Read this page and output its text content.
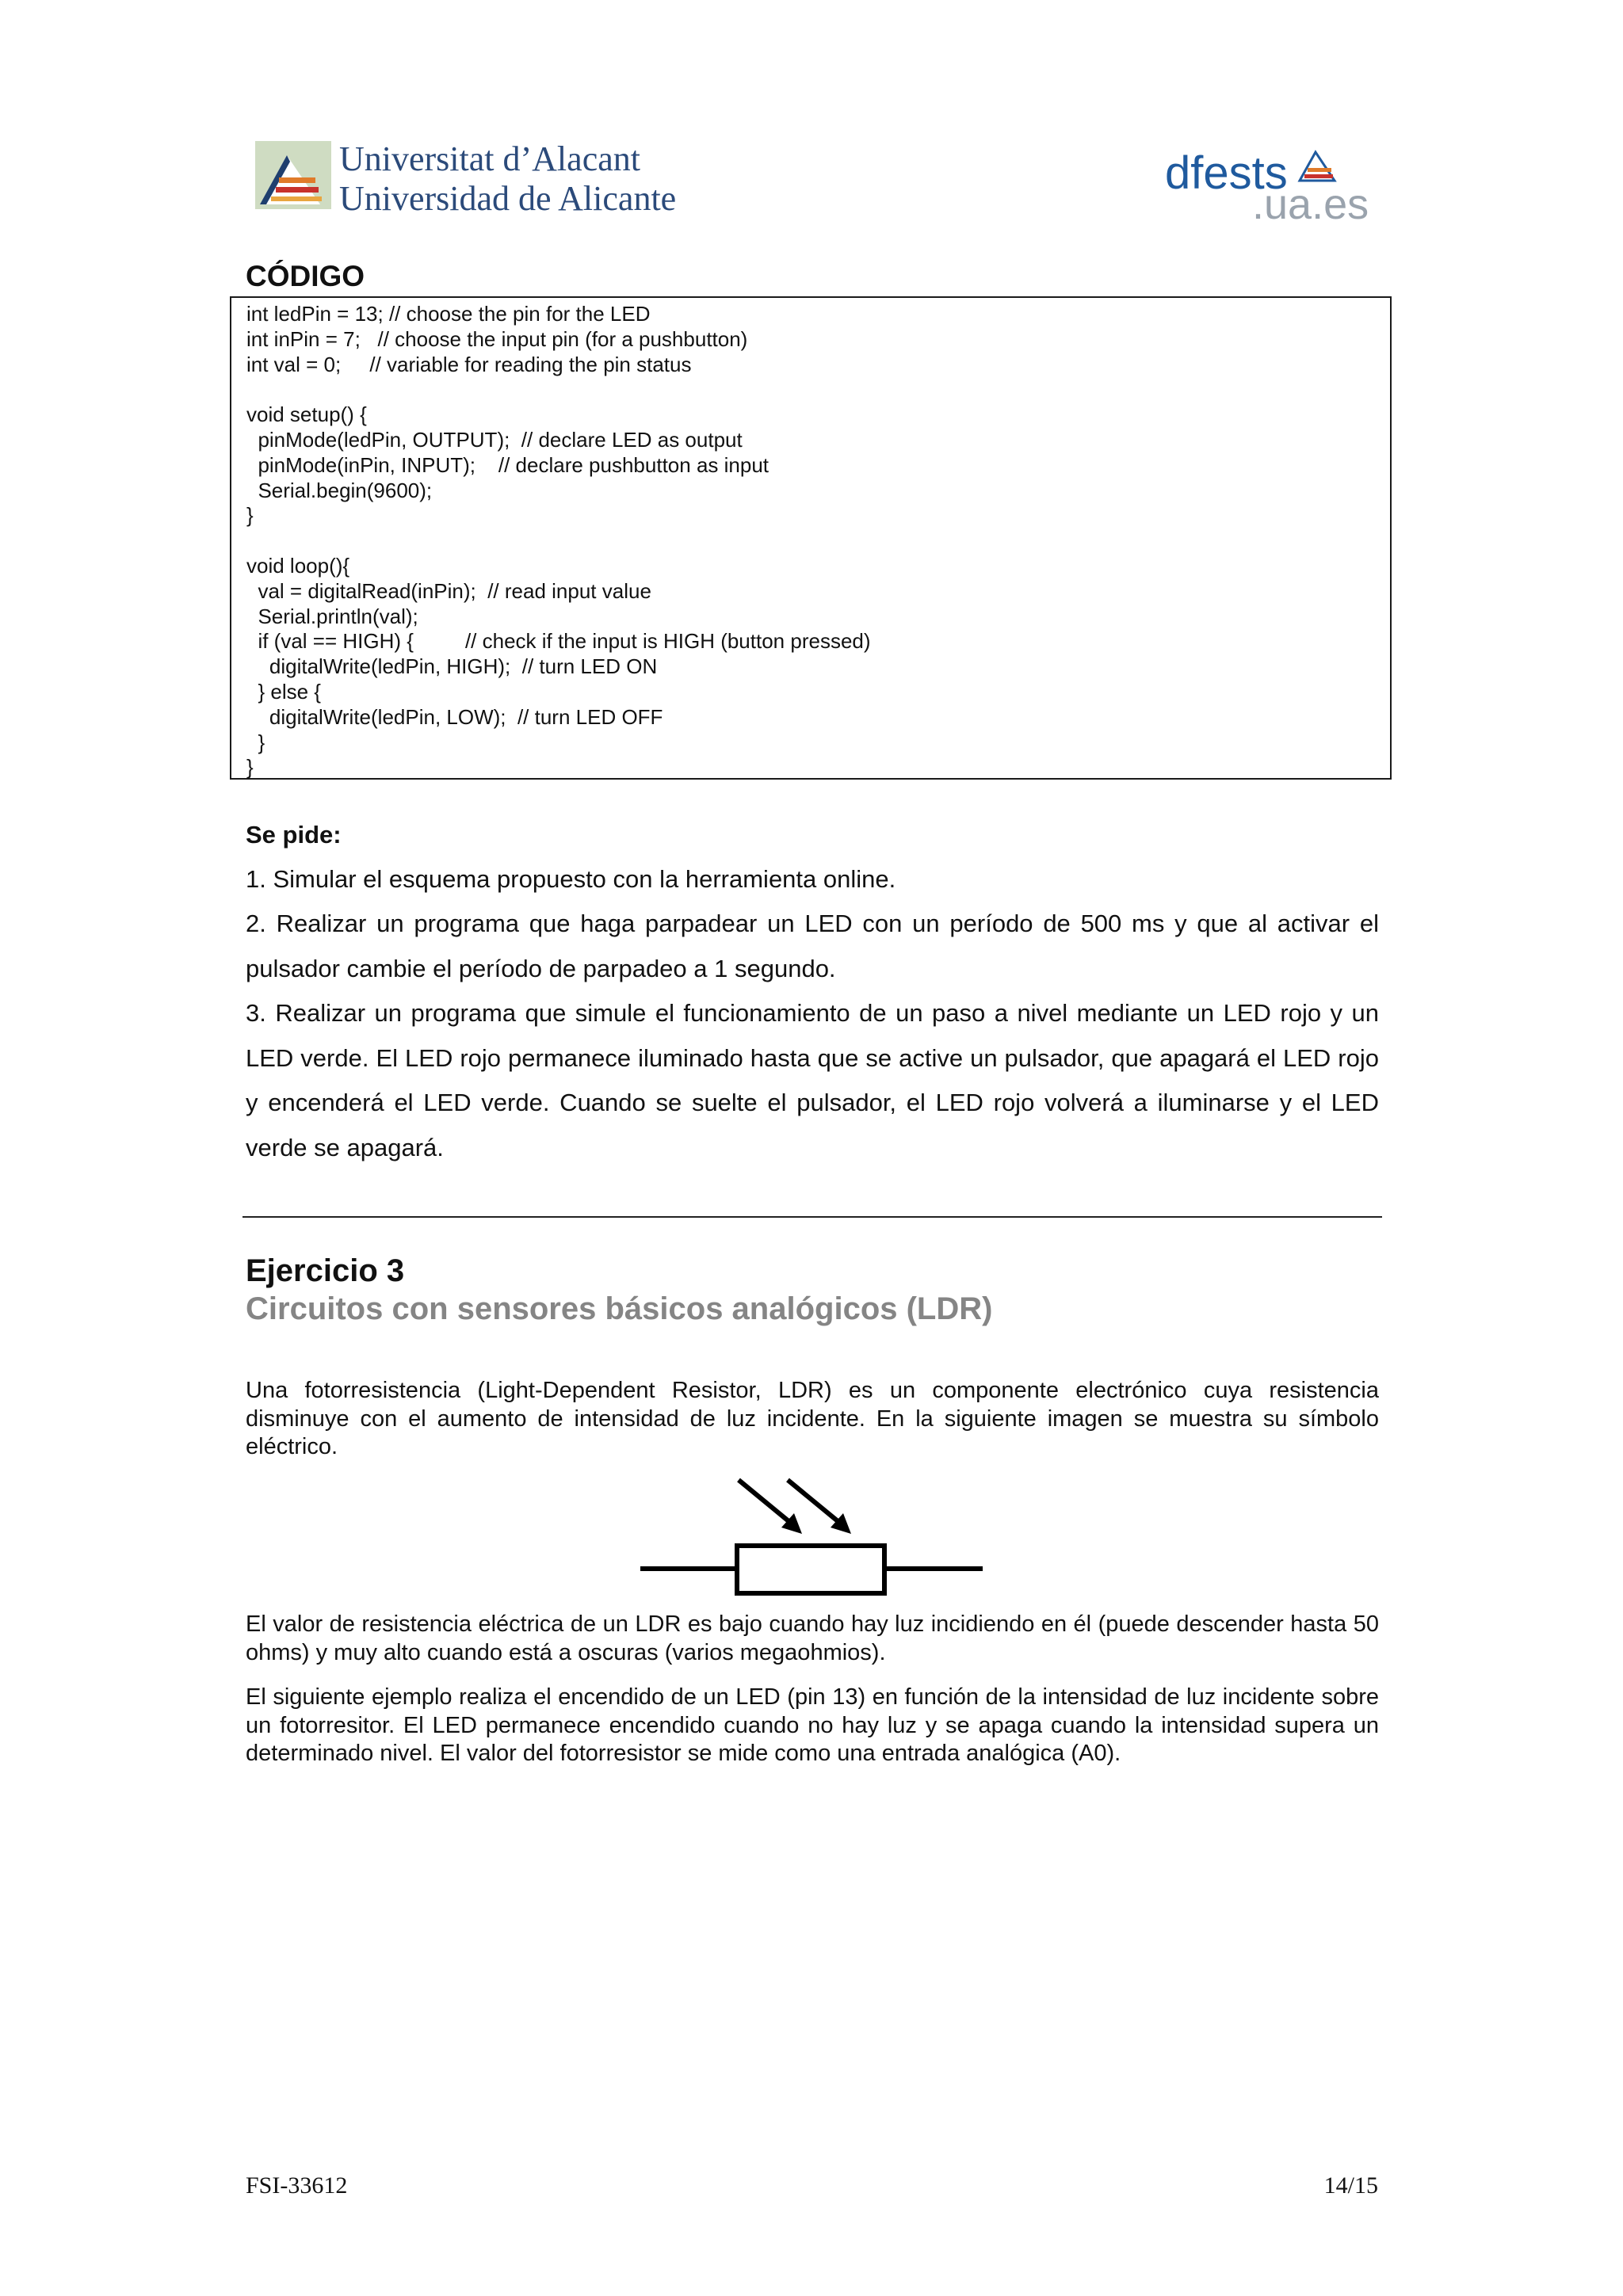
Universitat d’Alacant
Universidad de Alicante	dfests
.ua.es
CÓDIGO
int ledPin = 13; // choose the pin for the LED
int inPin = 7;   // choose the input pin (for a pushbutton)
int val = 0;     // variable for reading the pin status
void setup() {
pinMode(ledPin, OUTPUT);  // declare LED as output
pinMode(inPin, INPUT);    // declare pushbutton as input
Serial.begin(9600);
}
void loop(){
val = digitalRead(inPin);  // read input value
Serial.println(val);
if (val == HIGH) {         // check if the input is HIGH (button pressed)
digitalWrite(ledPin, HIGH);  // turn LED ON
} else {
digitalWrite(ledPin, LOW);  // turn LED OFF
}
}
Se pide:
1. Simular el esquema propuesto con la herramienta online.
2. Realizar un programa que haga parpadear un LED con un período de 500 ms y que al activar el pulsador cambie el período de parpadeo a 1 segundo.
3. Realizar un programa que simule el funcionamiento de un paso a nivel mediante un LED rojo y un LED verde. El LED rojo permanece iluminado hasta que se active un pulsador, que apagará el LED rojo y encenderá el LED verde. Cuando se suelte el pulsador, el LED rojo volverá a iluminarse y el LED verde se apagará.
Ejercicio 3
Circuitos con sensores básicos analógicos (LDR)
Una fotorresistencia (Light-Dependent Resistor, LDR) es un componente electrónico cuya resistencia disminuye con el aumento de intensidad de luz incidente. En la siguiente imagen se muestra su símbolo eléctrico.
El valor de resistencia eléctrica de un LDR es bajo cuando hay luz incidiendo en él (puede descender hasta 50 ohms) y muy alto cuando está a oscuras (varios megaohmios).
El siguiente ejemplo realiza el encendido de un LED (pin 13) en función de la intensidad de luz incidente sobre un fotorresitor. El LED permanece encendido cuando no hay luz y se apaga cuando la intensidad supera un determinado nivel. El valor del fotorresistor se mide como una entrada analógica (A0).
FSI-33612	14/15
